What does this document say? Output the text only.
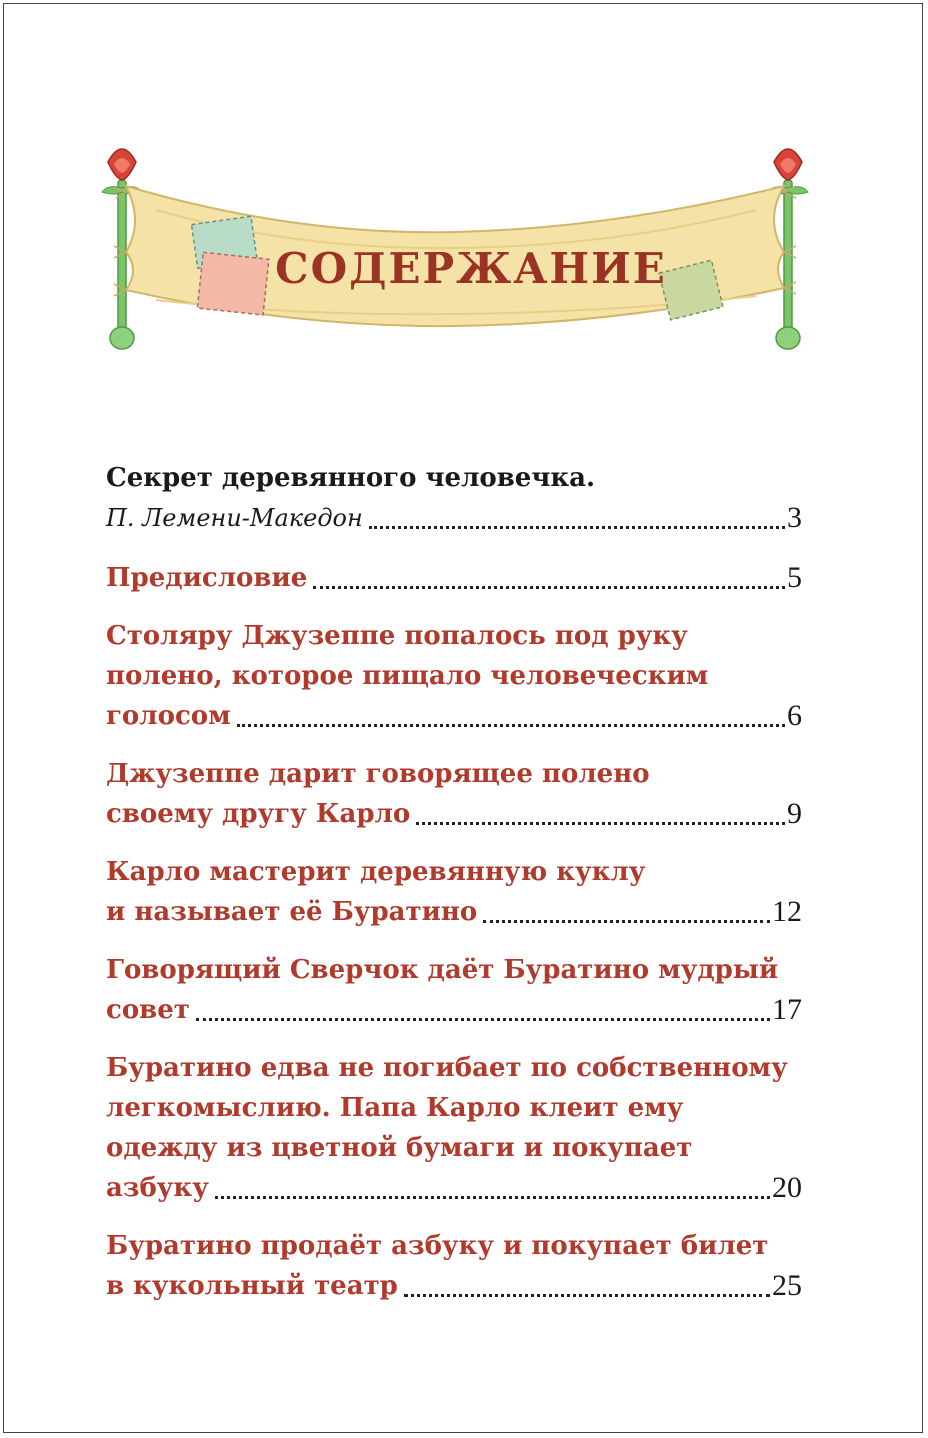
СОДЕРЖАНИЕ
Секрет деревянного человечка.
П. Лемени-Македон	3
Предисловие	5
Столяру Джузеппе попалось под руку
полено, которое пищало человеческим
голосом	6
Джузеппе дарит говорящее полено
своему другу Карло	9
Карло мастерит деревянную куклу
и называет её Буратино	12
Говорящий Сверчок даёт Буратино мудрый
совет	17
Буратино едва не погибает по собственному
легкомыслию. Папа Карло клеит ему
одежду из цветной бумаги и покупает
азбуку	20
Буратино продаёт азбуку и покупает билет
в кукольный театр	25
